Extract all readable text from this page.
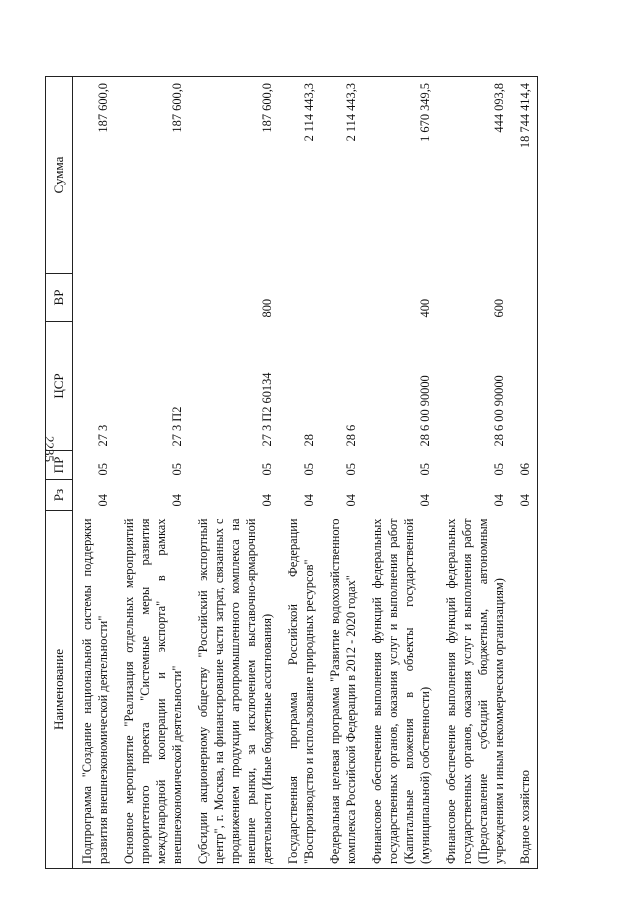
2235
Наименование	Рз	ПР	ЦСР	ВР	Сумма
Подпрограмма "Создание национальной системы поддержки развития внешнеэкономической деятельности"	04	05	27 3		187 600,0
Основное мероприятие "Реализация отдельных мероприятий приоритетного проекта "Системные меры развития международной кооперации и экспорта" в рамках внешнеэкономической деятельности"	04	05	27 3 П2		187 600,0
Субсидии акционерному обществу "Российский экспортный центр", г. Москва, на финансирование части затрат, связанных с продвижением продукции агропромышленного комплекса на внешние рынки, за исключением выставочно-ярмарочной деятельности (Иные бюджетные ассигнования)	04	05	27 3 П2 60134	800	187 600,0
Государственная программа Российской Федерации "Воспроизводство и использование природных ресурсов"	04	05	28		2 114 443,3
Федеральная целевая программа "Развитие водохозяйственного комплекса Российской Федерации в 2012 - 2020 годах"	04	05	28 6		2 114 443,3
Финансовое обеспечение выполнения функций федеральных государственных органов, оказания услуг и выполнения работ (Капитальные вложения в объекты государственной (муниципальной) собственности)	04	05	28 6 00 90000	400	1 670 349,5
Финансовое обеспечение выполнения функций федеральных государственных органов, оказания услуг и выполнения работ (Предоставление субсидий бюджетным, автономным учреждениям и иным некоммерческим организациям)	04	05	28 6 00 90000	600	444 093,8
Водное хозяйство	04	06			18 744 414,4
